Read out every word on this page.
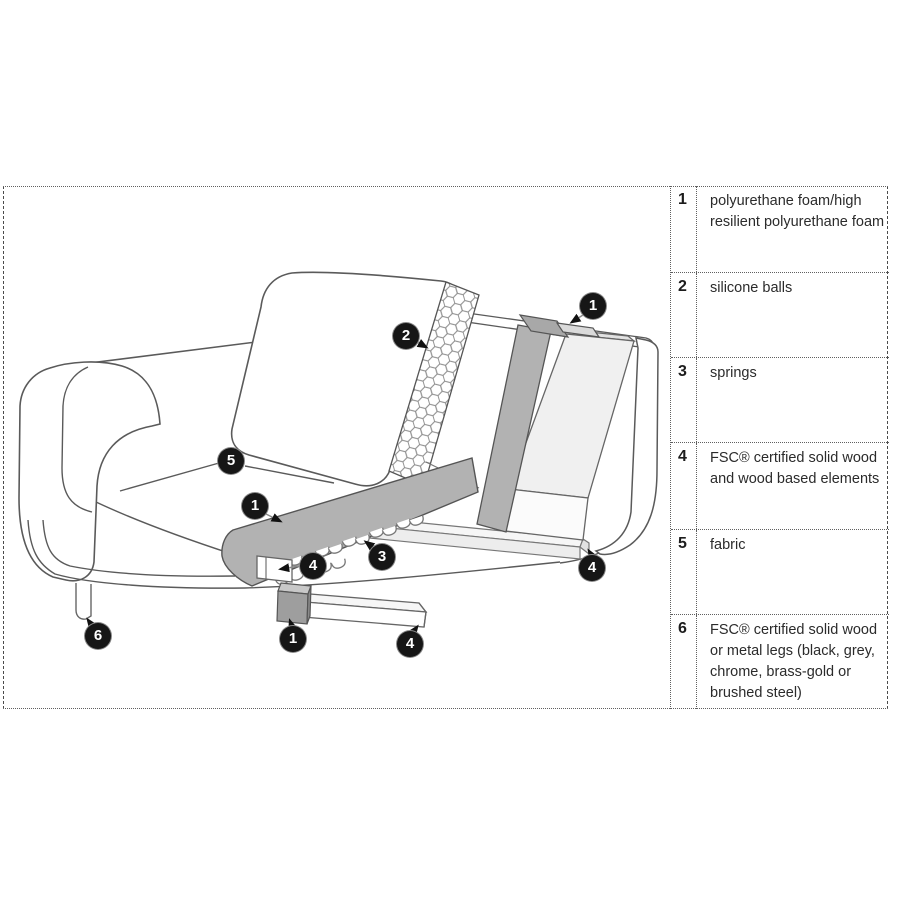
2
1
5
1
3
4	4
6	1	4
1	polyurethane foam/high resilient polyurethane foam
2	silicone balls
3	springs
4	FSC® certified solid wood and wood based elements
5	fabric
6	FSC® certified solid wood or metal legs (black, grey, chrome, brass-gold or brushed steel)
